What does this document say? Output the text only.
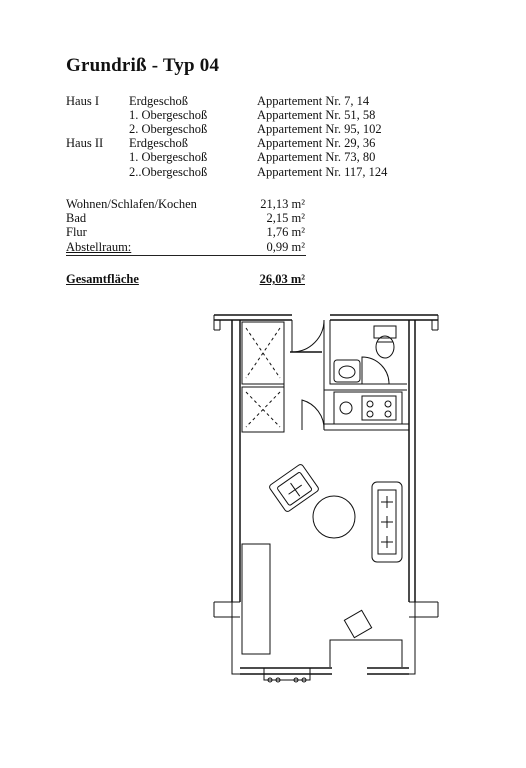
Grundriß - Typ 04
Haus I Erdgeschoß	Appartement Nr. 7, 14
1. Obergeschoß	Appartement Nr. 51, 58
2. Obergeschoß	Appartement Nr. 95, 102
Haus II Erdgeschoß	Appartement Nr. 29, 36
1. Obergeschoß	Appartement Nr. 73, 80
2..Obergeschoß	Appartement Nr. 117, 124
Wohnen/Schlafen/Kochen	21,13 m²
Bad	2,15 m²
Flur	1,76 m²
Abstellraum:	0,99 m²
Gesamtfläche	26,03 m²
